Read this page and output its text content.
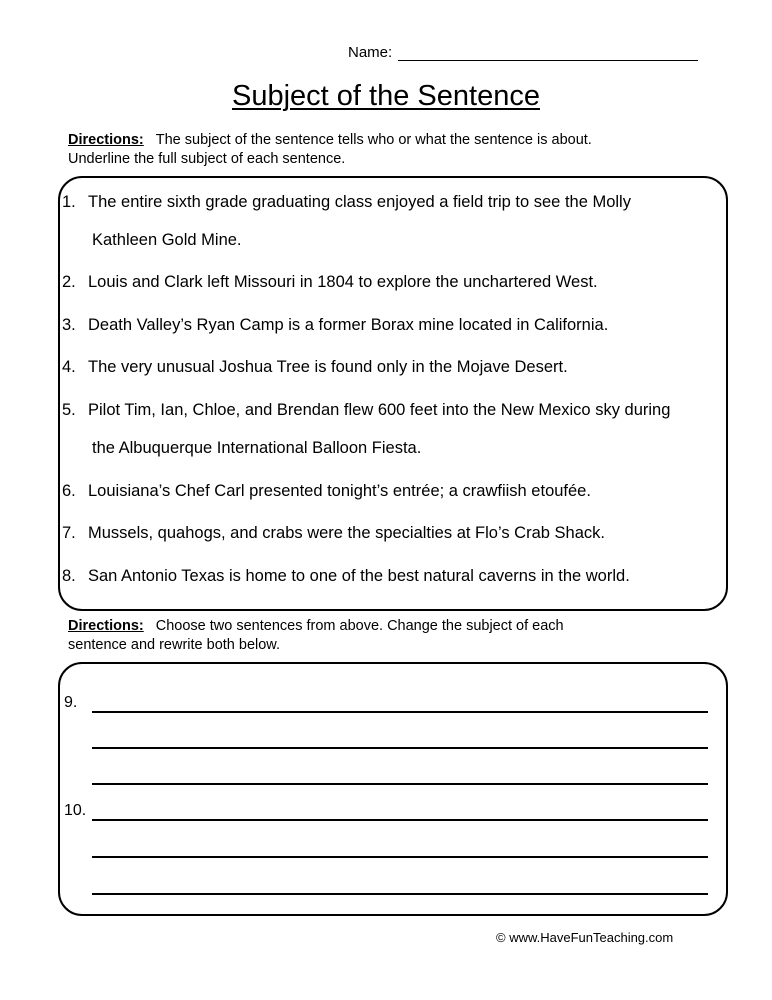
Name:
Subject of the Sentence
Directions: The subject of the sentence tells who or what the sentence is about.
Underline the full subject of each sentence.
1. The entire sixth grade graduating class enjoyed a field trip to see the Molly
Kathleen Gold Mine.
2. Louis and Clark left Missouri in 1804 to explore the unchartered West.
3. Death Valley’s Ryan Camp is a former Borax mine located in California.
4. The very unusual Joshua Tree is found only in the Mojave Desert.
5. Pilot Tim, Ian, Chloe, and Brendan flew 600 feet into the New Mexico sky during
the Albuquerque International Balloon Fiesta.
6. Louisiana’s Chef Carl presented tonight’s entrée; a crawfiish etoufée.
7. Mussels, quahogs, and crabs were the specialties at Flo’s Crab Shack.
8. San Antonio Texas is home to one of the best natural caverns in the world.
Directions: Choose two sentences from above. Change the subject of each
sentence and rewrite both below.
9.
10.
© www.HaveFunTeaching.com
